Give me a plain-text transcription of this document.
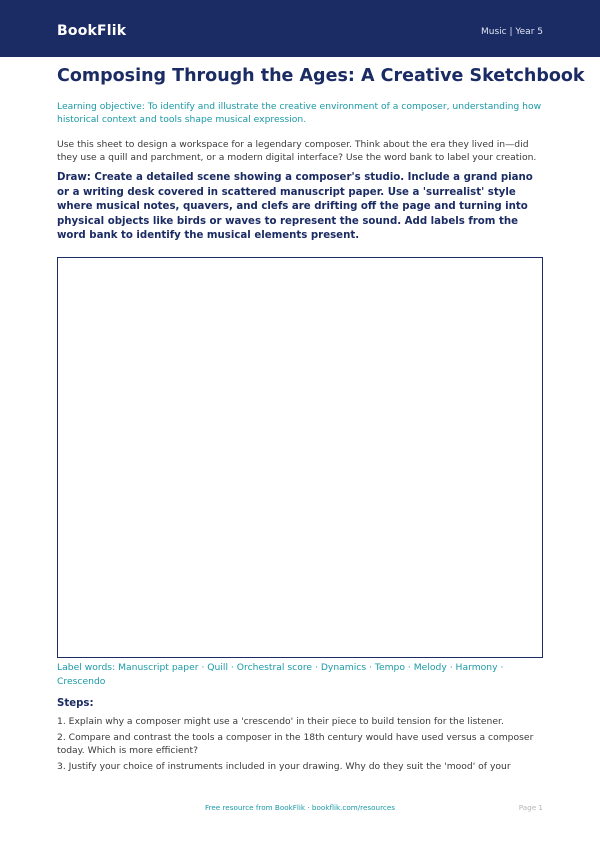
BookFlik	Music | Year 5
Composing Through the Ages: A Creative Sketchbook
Learning objective: To identify and illustrate the creative environment of a composer, understanding how historical context and tools shape musical expression.
Use this sheet to design a workspace for a legendary composer. Think about the era they lived in—did they use a quill and parchment, or a modern digital interface? Use the word bank to label your creation.
Draw: Create a detailed scene showing a composer's studio. Include a grand piano or a writing desk covered in scattered manuscript paper. Use a 'surrealist' style where musical notes, quavers, and clefs are drifting off the page and turning into physical objects like birds or waves to represent the sound. Add labels from the word bank to identify the musical elements present.
Label words: Manuscript paper · Quill · Orchestral score · Dynamics · Tempo · Melody · Harmony · Crescendo
Steps:
1. Explain why a composer might use a 'crescendo' in their piece to build tension for the listener.
2. Compare and contrast the tools a composer in the 18th century would have used versus a composer today. Which is more efficient?
3. Justify your choice of instruments included in your drawing. Why do they suit the 'mood' of your
Free resource from BookFlik · bookflik.com/resources	Page 1
